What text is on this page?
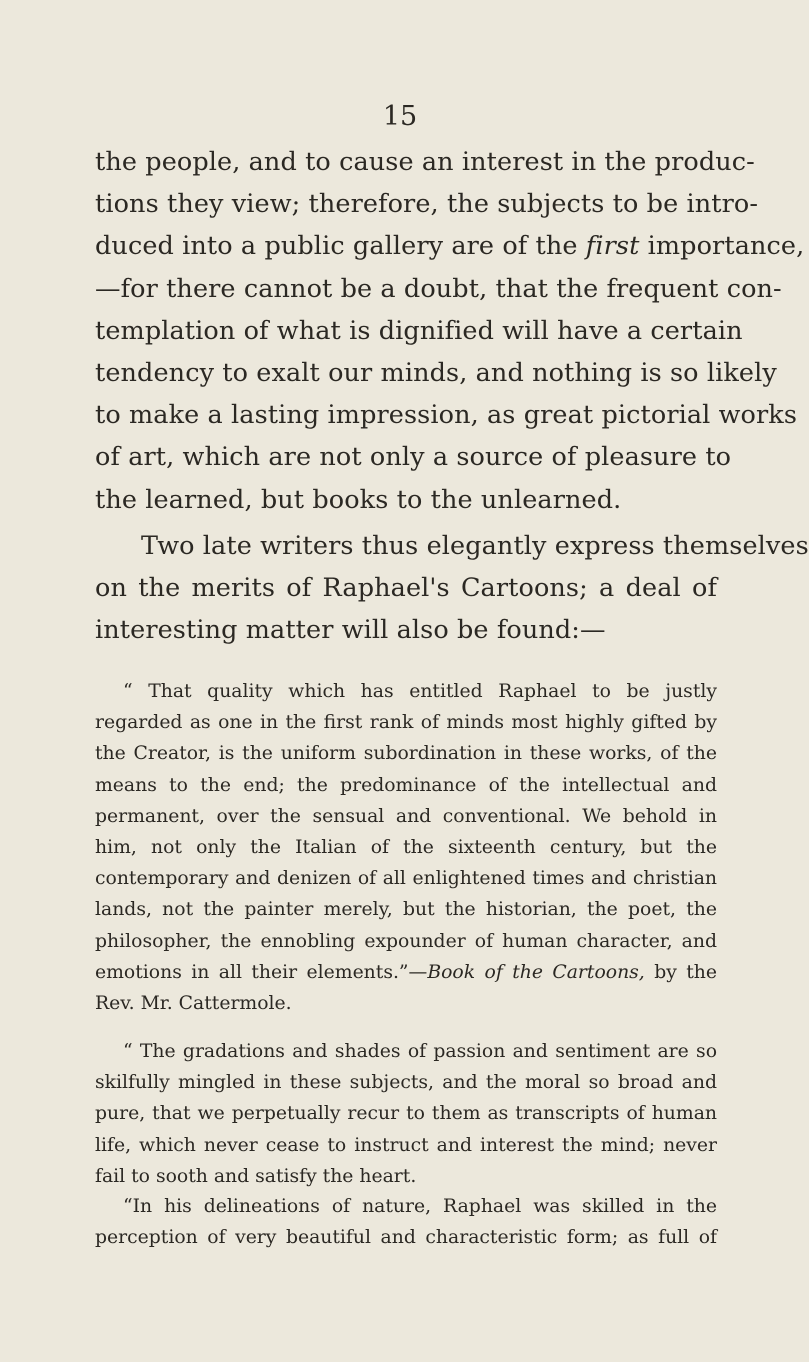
15
the people, and to cause an interest in the produc-
tions they view; therefore, the subjects to be intro-
duced into a public gallery are of the first importance,
—for there cannot be a doubt, that the frequent con-
templation of what is dignified will have a certain
tendency to exalt our minds, and nothing is so likely
to make a lasting impression, as great pictorial works
of art, which are not only a source of pleasure to
the learned, but books to the unlearned.
Two late writers thus elegantly express themselves
on the merits of Raphael's Cartoons; a deal of
interesting matter will also be found:—
“ That quality which has entitled Raphael to be justly
regarded as one in the first rank of minds most highly gifted by
the Creator, is the uniform subordination in these works, of the
means to the end; the predominance of the intellectual and
permanent, over the sensual and conventional. We behold in
him, not only the Italian of the sixteenth century, but the
contemporary and denizen of all enlightened times and christian
lands, not the painter merely, but the historian, the poet, the
philosopher, the ennobling expounder of human character, and
emotions in all their elements.”—Book of the Cartoons, by the
Rev. Mr. Cattermole.
“ The gradations and shades of passion and sentiment are so
skilfully mingled in these subjects, and the moral so broad and
pure, that we perpetually recur to them as transcripts of human
life, which never cease to instruct and interest the mind; never
fail to sooth and satisfy the heart.
“In his delineations of nature, Raphael was skilled in the
perception of very beautiful and characteristic form; as full of
